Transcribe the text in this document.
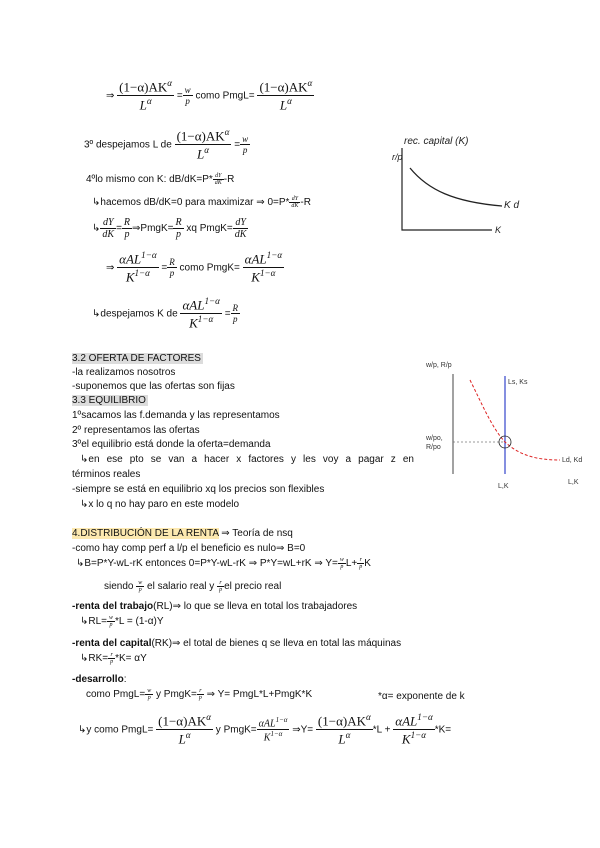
⇒ $\frac{(1-\alpha)AK^\alpha}{L^\alpha} = \frac{w}{p}$ como PmgL= $\frac{(1-\alpha)AK^\alpha}{L^\alpha}$
3º despejamos L de $\frac{(1-\alpha)AK^\alpha}{L^\alpha} = \frac{w}{p}$
4ºlo mismo con K: $dB/dK=P* \frac{dY}{dK} -R$
↳hacemos dB/dK=0 para maximizar ⇒ $0=P* \frac{dY}{dK} -R$
↳ $\frac{dY}{dK} = \frac{R}{p}$ ⇒PmgK= $\frac{R}{p}$ xq PmgK= $\frac{dY}{dK}$
⇒ $\frac{\alpha AL^{1-\alpha}}{K^{1-\alpha}} = \frac{R}{p}$ como PmgK= $\frac{\alpha AL^{1-\alpha}}{K^{1-\alpha}}$
↳despejamos K de $\frac{\alpha AL^{1-\alpha}}{K^{1-\alpha}} = \frac{R}{p}$
rec. capital (K)
r/p
K d
K
3.2 OFERTA DE FACTORES
-la realizamos nosotros
-suponemos que las ofertas son fijas
3.3 EQUILIBRIO
1ºsacamos las f.demanda y las representamos
2º representamos las ofertas
3ºel equilibrio está donde la oferta=demanda
↳en ese pto se van a hacer x factores y les voy a pagar z en
términos reales
-siempre se está en equilibrio xq los precios son flexibles
↳x lo q no hay paro en este modelo
w/p, R/p
Ls, Ks
w/po,
R/po
Ld, Kd
L,K
L,K
4.DISTRIBUCIÓN DE LA RENTA ⇒ Teoría de nsq
-como hay comp perf a l/p el beneficio es nulo⇒ B=0
↳B=P*Y-wL-rK entonces 0=P*Y-wL-rK ⇒ P*Y=wL+rK ⇒ $Y= \frac{w}{p} L+ \frac{r}{p}$ K
siendo $\frac{w}{p}$ el salario real y $\frac{r}{p}$ el precio real
-renta del trabajo(RL)⇒ lo que se lleva en total los trabajadores
↳RL= $\frac{w}{p} *L = (1-\alpha)Y$
-renta del capital(RK)⇒ el total de bienes q se lleva en total las máquinas
↳RK= $\frac{r}{p} *K= \alpha Y$
-desarrollo:
como PmgL= $\frac{w}{p}$ y PmgK= $\frac{r}{p}$ ⇒ Y= PmgL*L+PmgK*K	*α= exponente de k
↳y como PmgL= $\frac{(1-\alpha)AK^\alpha}{L^\alpha}$ y PmgK= $\frac{\alpha AL^{1-\alpha}}{K^{1-\alpha}}$ ⇒Y= $\frac{(1-\alpha)AK^\alpha}{L^\alpha} *L + \frac{\alpha AL^{1-\alpha}}{K^{1-\alpha}} *K=$
